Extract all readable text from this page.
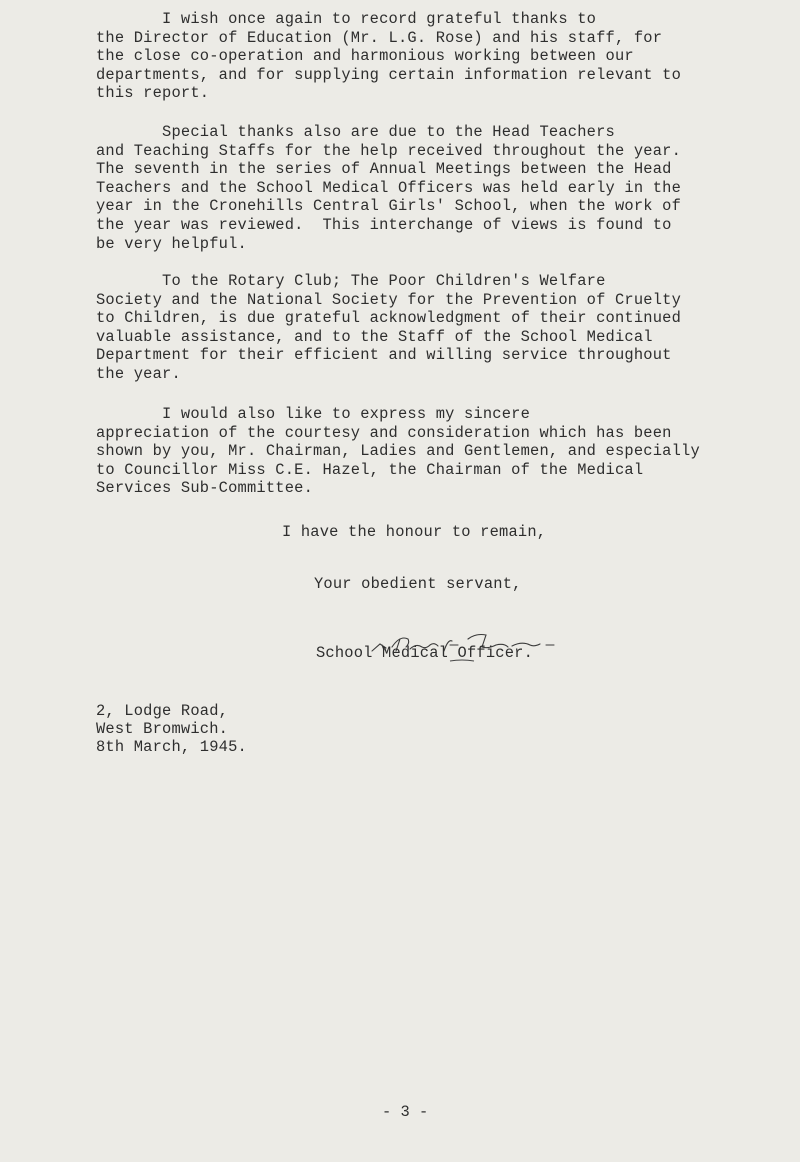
I wish once again to record grateful thanks to
the Director of Education (Mr. L.G. Rose) and his staff, for
the close co-operation and harmonious working between our
departments, and for supplying certain information relevant to
this report.
Special thanks also are due to the Head Teachers
and Teaching Staffs for the help received throughout the year.
The seventh in the series of Annual Meetings between the Head
Teachers and the School Medical Officers was held early in the
year in the Cronehills Central Girls' School, when the work of
the year was reviewed.  This interchange of views is found to
be very helpful.
To the Rotary Club; The Poor Children's Welfare
Society and the National Society for the Prevention of Cruelty
to Children, is due grateful acknowledgment of their continued
valuable assistance, and to the Staff of the School Medical
Department for their efficient and willing service throughout
the year.
I would also like to express my sincere
appreciation of the courtesy and consideration which has been
shown by you, Mr. Chairman, Ladies and Gentlemen, and especially
to Councillor Miss C.E. Hazel, the Chairman of the Medical
Services Sub-Committee.
I have the honour to remain,
Your obedient servant,
School Medical Officer.
2, Lodge Road,
West Bromwich.
8th March, 1945.
- 3 -
